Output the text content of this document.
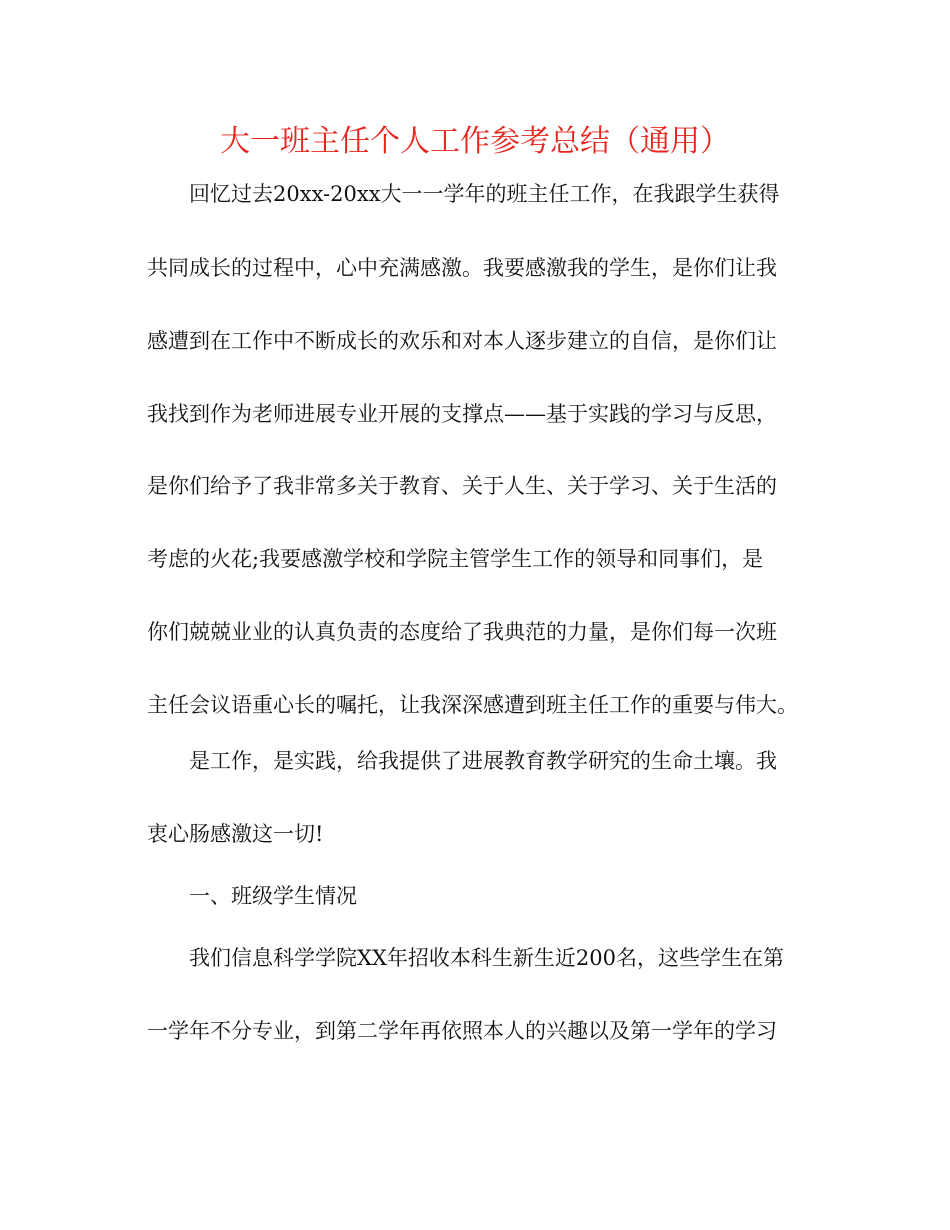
大一班主任个人工作参考总结（通用）
回忆过去20xx-20xx大一一学年的班主任工作，在我跟学生获得
共同成长的过程中，心中充满感激。我要感激我的学生，是你们让我
感遭到在工作中不断成长的欢乐和对本人逐步建立的自信，是你们让
我找到作为老师进展专业开展的支撑点——基于实践的学习与反思，
是你们给予了我非常多关于教育、关于人生、关于学习、关于生活的
考虑的火花;我要感激学校和学院主管学生工作的领导和同事们，是
你们兢兢业业的认真负责的态度给了我典范的力量，是你们每一次班
主任会议语重心长的嘱托，让我深深感遭到班主任工作的重要与伟大。
是工作，是实践，给我提供了进展教育教学研究的生命土壤。我
衷心肠感激这一切!
一、班级学生情况
我们信息科学学院XX年招收本科生新生近200名，这些学生在第
一学年不分专业，到第二学年再依照本人的兴趣以及第一学年的学习
